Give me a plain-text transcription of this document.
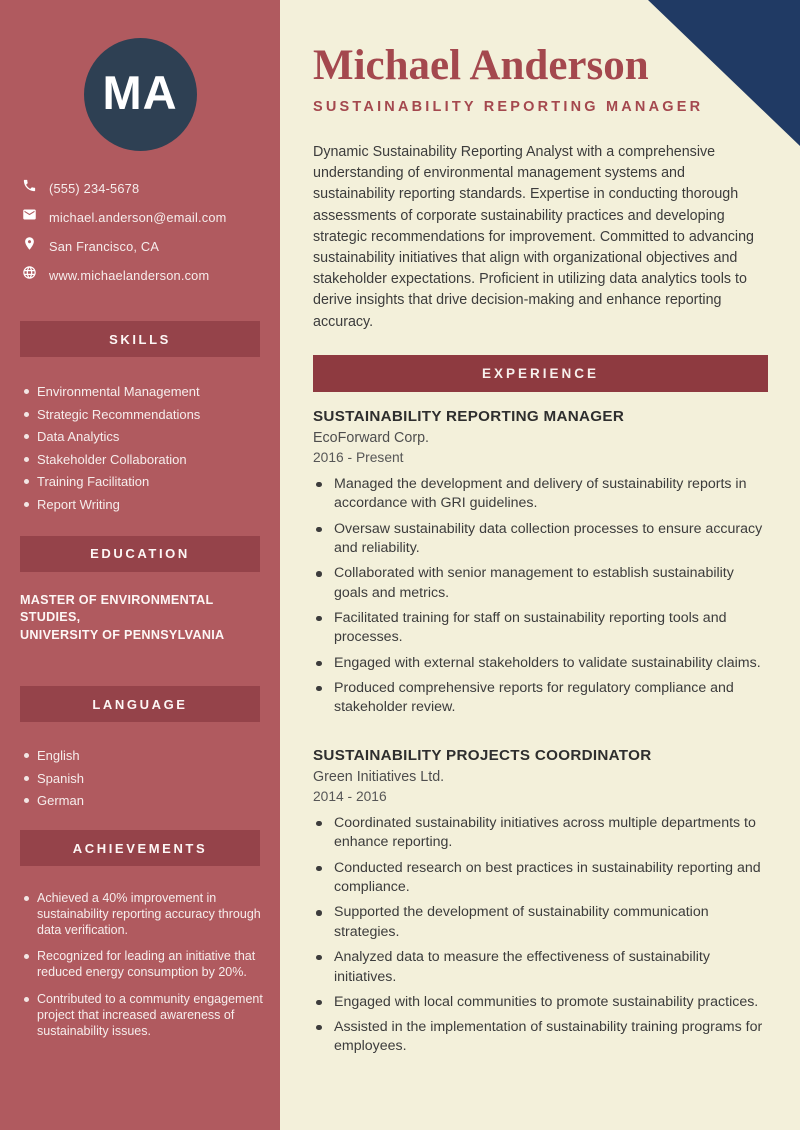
MA
(555) 234-5678
michael.anderson@email.com
San Francisco, CA
www.michaelanderson.com
SKILLS
Environmental Management
Strategic Recommendations
Data Analytics
Stakeholder Collaboration
Training Facilitation
Report Writing
EDUCATION
MASTER OF ENVIRONMENTAL STUDIES,
UNIVERSITY OF PENNSYLVANIA
LANGUAGE
English
Spanish
German
ACHIEVEMENTS
Achieved a 40% improvement in sustainability reporting accuracy through data verification.
Recognized for leading an initiative that reduced energy consumption by 20%.
Contributed to a community engagement project that increased awareness of sustainability issues.
Michael Anderson
SUSTAINABILITY REPORTING MANAGER

Dynamic Sustainability Reporting Analyst with a comprehensive understanding of environmental management systems and sustainability reporting standards. Expertise in conducting thorough assessments of corporate sustainability practices and developing strategic recommendations for improvement. Committed to advancing sustainability initiatives that align with organizational objectives and stakeholder expectations. Proficient in utilizing data analytics tools to derive insights that drive decision-making and enhance reporting accuracy.

EXPERIENCE
SUSTAINABILITY REPORTING MANAGER
EcoForward Corp.
2016 - Present
Managed the development and delivery of sustainability reports in accordance with GRI guidelines.
Oversaw sustainability data collection processes to ensure accuracy and reliability.
Collaborated with senior management to establish sustainability goals and metrics.
Facilitated training for staff on sustainability reporting tools and processes.
Engaged with external stakeholders to validate sustainability claims.
Produced comprehensive reports for regulatory compliance and stakeholder review.
SUSTAINABILITY PROJECTS COORDINATOR
Green Initiatives Ltd.
2014 - 2016
Coordinated sustainability initiatives across multiple departments to enhance reporting.
Conducted research on best practices in sustainability reporting and compliance.
Supported the development of sustainability communication strategies.
Analyzed data to measure the effectiveness of sustainability initiatives.
Engaged with local communities to promote sustainability practices.
Assisted in the implementation of sustainability training programs for employees.
